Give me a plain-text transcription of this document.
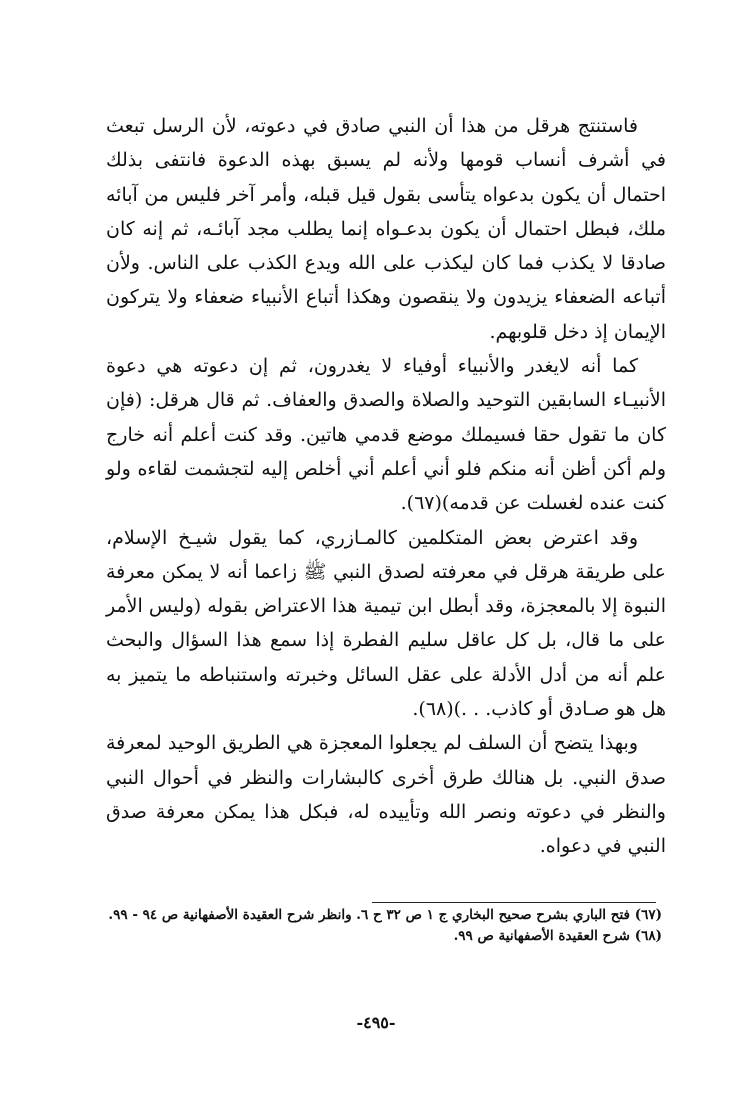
فاستنتج هرقل من هذا أن النبي صادق في دعوته، لأن الرسل تبعث في أشرف أنساب قومها ولأنه لم يسبق بهذه الدعوة فانتفى بذلك احتمال أن يكون بدعواه يتأسى بقول قيل قبله، وأمر آخر فليس من آبائه ملك، فبطل احتمال أن يكون بدعـواه إنما يطلب مجد آبائـه، ثم إنه كان صادقا لا يكذب فما كان ليكذب على الله ويدع الكذب على الناس. ولأن أتباعه الضعفاء يزيدون ولا ينقصون وهكذا أتباع الأنبياء ضعفاء ولا يتركون الإيمان إذ دخل قلوبهم.

كما أنه لايغدر والأنبياء أوفياء لا يغدرون، ثم إن دعوته هي دعوة الأنبيـاء السابقين التوحيد والصلاة والصدق والعفاف. ثم قال هرقل: (فإن كان ما تقول حقا فسيملك موضع قدمي هاتين. وقد كنت أعلم أنه خارج ولم أكن أظن أنه منكم فلو أني أعلم أني أخلص إليه لتجشمت لقاءه ولو كنت عنده لغسلت عن قدمه)(٦٧).

وقد اعترض بعض المتكلمين كالمـازري، كما يقول شيـخ الإسلام، على طريقة هرقل في معرفته لصدق النبي ﷺ زاعما أنه لا يمكن معرفة النبوة إلا بالمعجزة، وقد أبطل ابن تيمية هذا الاعتراض بقوله (وليس الأمر على ما قال، بل كل عاقل سليم الفطرة إذا سمع هذا السؤال والبحث علم أنه من أدل الأدلة على عقل السائل وخبرته واستنباطه ما يتميز به هل هو صـادق أو كاذب. . .)(٦٨).

وبهذا يتضح أن السلف لم يجعلوا المعجزة هي الطريق الوحيد لمعرفة صدق النبي. بل هنالك طرق أخرى كالبشارات والنظر في أحوال النبي والنظر في دعوته ونصر الله وتأييده له، فبكل هذا يمكن معرفة صدق النبي في دعواه.

(٦٧) فتح الباري بشرح صحيح البخاري ج ١ ص ٣٢ ح ٦. وانظر شرح العقيدة الأصفهانية ص ٩٤ - ٩٩.

(٦٨) شرح العقيدة الأصفهانية ص ٩٩.

-٤٩٥-
